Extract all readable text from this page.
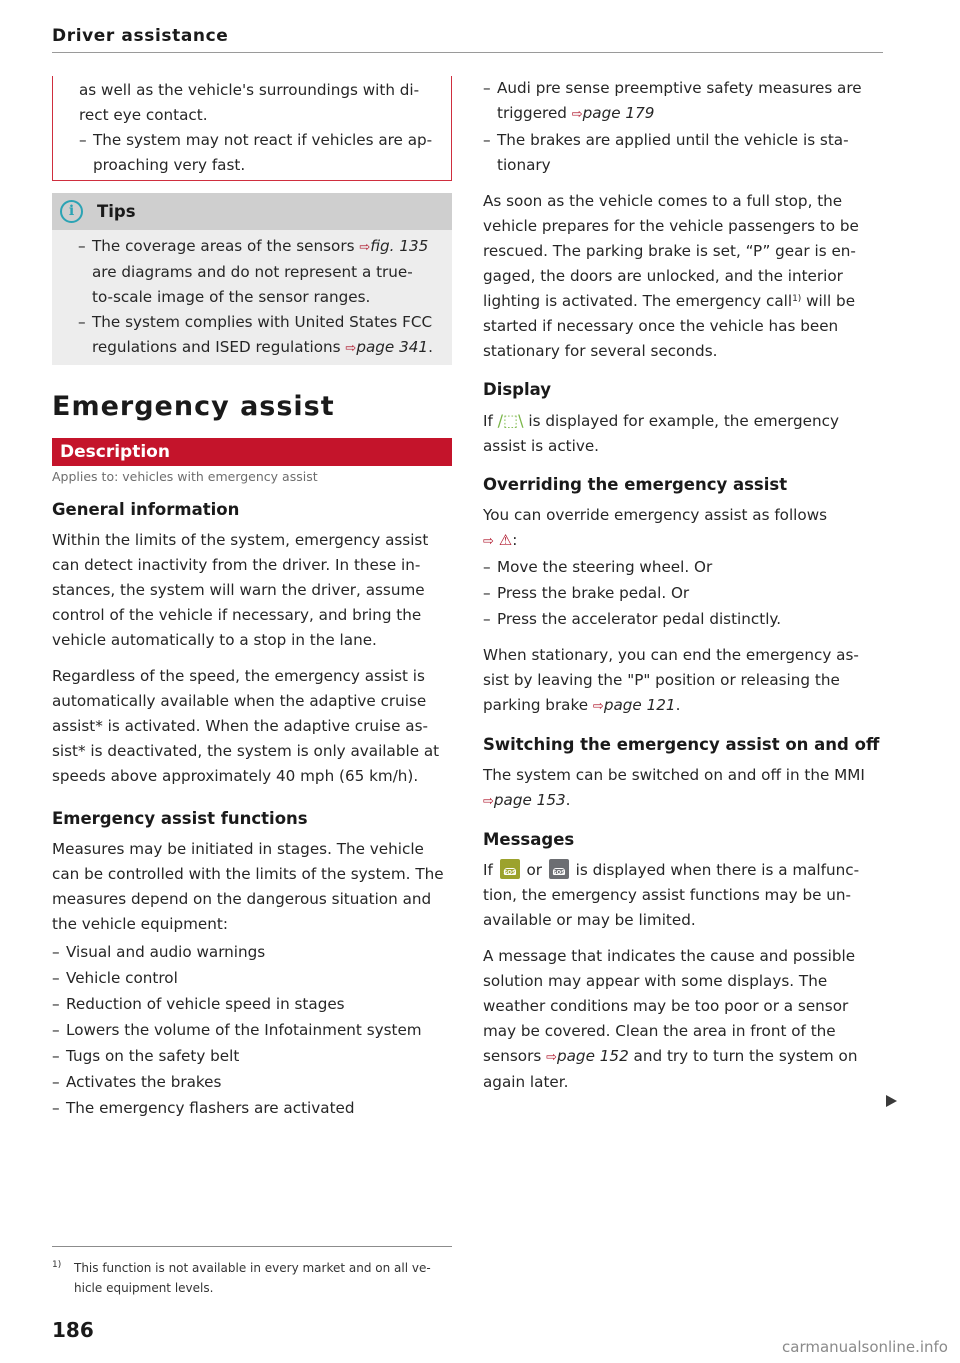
Driver assistance

as well as the vehicle's surroundings with di-
rect eye contact.

– The system may not react if vehicles are ap- proaching very fast.
i	Tips
– The coverage areas of the sensors ⇨fig. 135 are diagrams and do not represent a true- to-scale image of the sensor ranges.
– The system complies with United States FCC regulations and ISED regulations ⇨page 341.
Emergency assist
Description
Applies to: vehicles with emergency assist
General information

Within the limits of the system, emergency assist can detect inactivity from the driver. In these in- stances, the system will warn the driver, assume control of the vehicle if necessary, and bring the vehicle automatically to a stop in the lane.

Regardless of the speed, the emergency assist is automatically available when the adaptive cruise assist* is activated. When the adaptive cruise as- sist* is deactivated, the system is only available at speeds above approximately 40 mph (65 km/h).

Emergency assist functions

Measures may be initiated in stages. The vehicle can be controlled with the limits of the system. The measures depend on the dangerous situation and the vehicle equipment:

– Visual and audio warnings
– Vehicle control
– Reduction of vehicle speed in stages
– Lowers the volume of the Infotainment system
– Tugs on the safety belt
– Activates the brakes
– The emergency flashers are activated
1)	This function is not available in every market and on all ve- hicle equipment levels.
186
– Audi pre sense preemptive safety measures are triggered ⇨page 179
– The brakes are applied until the vehicle is sta- tionary

As soon as the vehicle comes to a full stop, the vehicle prepares for the vehicle passengers to be rescued. The parking brake is set, “P” gear is en- gaged, the doors are unlocked, and the interior lighting is activated. The emergency call$^{1)}$ will be started if necessary once the vehicle has been stationary for several seconds.

Display

If /⬚\ is displayed for example, the emergency assist is active.

Overriding the emergency assist

You can override emergency assist as follows
⇨ ⚠:

– Move the steering wheel. Or
– Press the brake pedal. Or
– Press the accelerator pedal distinctly.

When stationary, you can end the emergency as- sist by leaving the "P" position or releasing the parking brake ⇨page 121.

Switching the emergency assist on and off

The system can be switched on and off in the MMI ⇨page 153.

Messages

If	SOS or	SOS is displayed when there is a malfunc- tion, the emergency assist functions may be un- available or may be limited.

A message that indicates the cause and possible solution may appear with some displays. The weather conditions may be too poor or a sensor may be covered. Clean the area in front of the sensors ⇨page 152 and try to turn the system on again later.

carmanualsonline.info
